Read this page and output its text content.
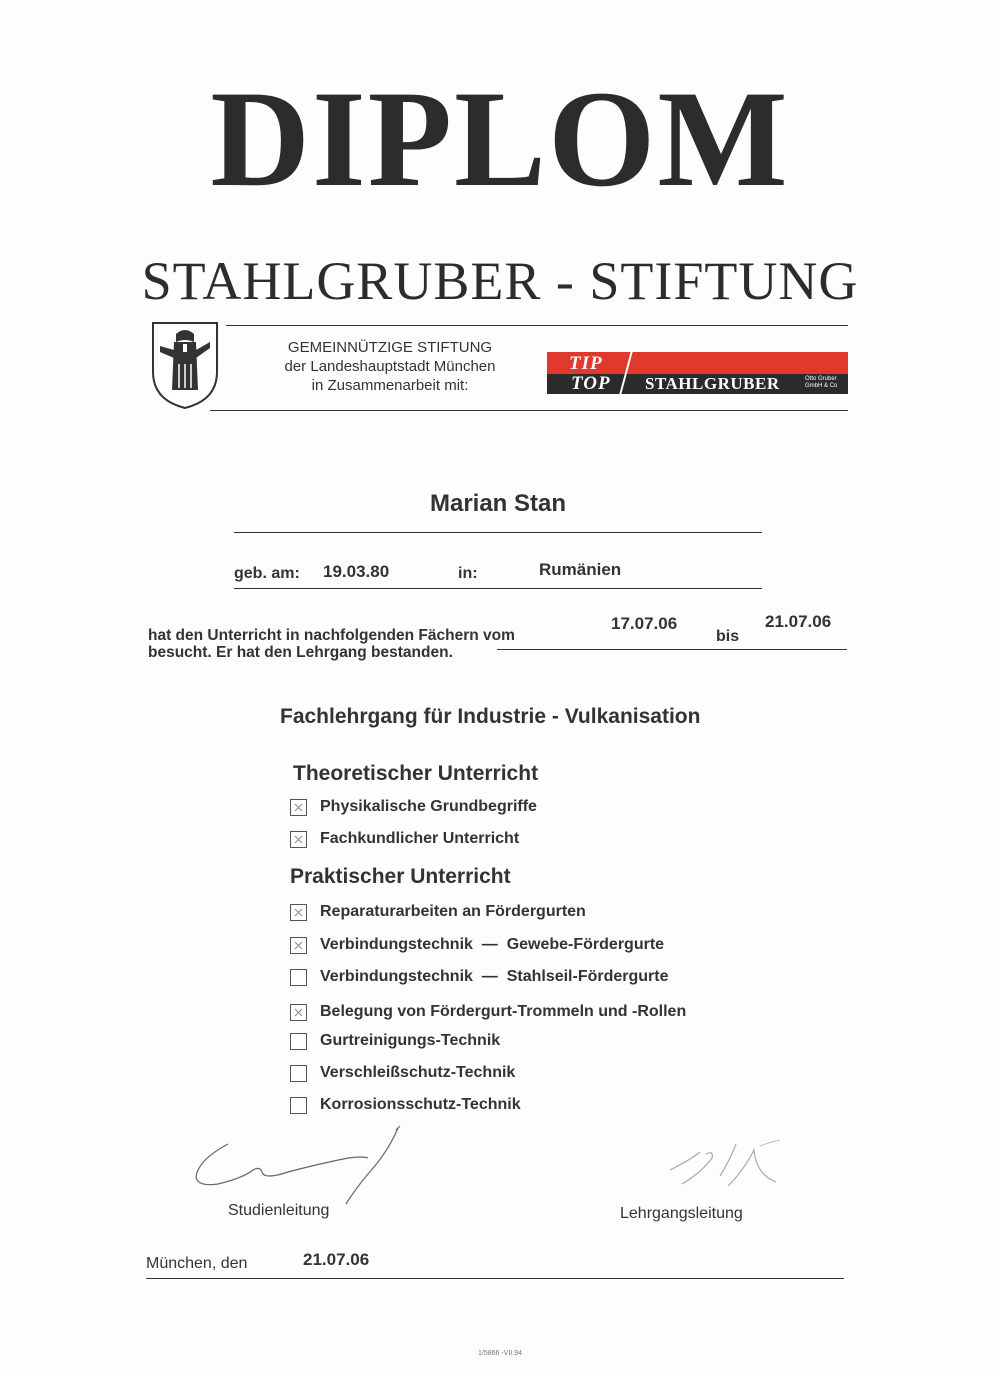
DIPLOM
STAHLGRUBER - STIFTUNG
GEMEINNÜTZIGE STIFTUNG
der Landeshauptstadt München
in Zusammenarbeit mit:
TIP
TOP STAHLGRUBER	Otto Gruber
GmbH & Co
Marian Stan
geb. am: 19.03.80	in:	Rumänien
hat den Unterricht in nachfolgenden Fächern vom
besucht. Er hat den Lehrgang bestanden.
17.07.06
bis
21.07.06
Fachlehrgang für Industrie - Vulkanisation
Theoretischer Unterricht
Physikalische Grundbegriffe
Fachkundlicher Unterricht
Praktischer Unterricht
Reparaturarbeiten an Fördergurten
Verbindungstechnik  —  Gewebe-Fördergurte
Verbindungstechnik  —  Stahlseil-Fördergurte
Belegung von Fördergurt-Trommeln und -Rollen
Gurtreinigungs-Technik
Verschleißschutz-Technik
Korrosionsschutz-Technik
Studienleitung	Lehrgangsleitung
München, den	21.07.06
1/5866 -VII.94
